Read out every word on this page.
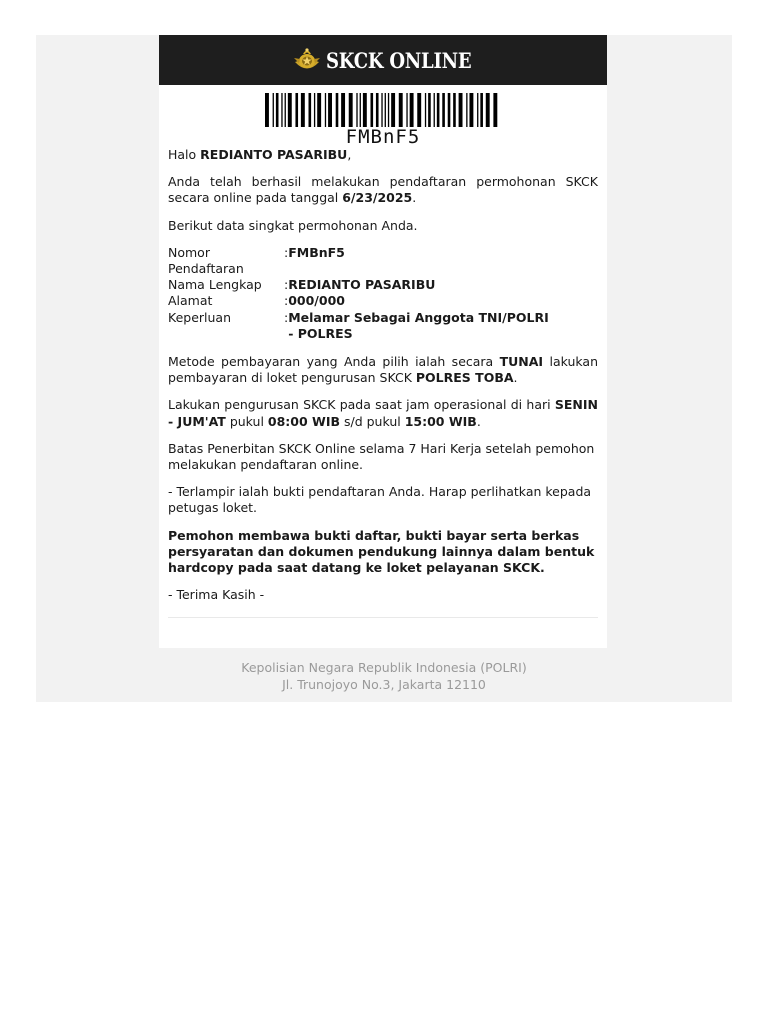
SKCK ONLINE
FMBnF5

Halo REDIANTO PASARIBU,

Anda telah berhasil melakukan pendaftaran permohonan SKCK secara online pada tanggal 6/23/2025.

Berikut data singkat permohonan Anda.

Nomor Pendaftaran	:	FMBnF5
Nama Lengkap	:	REDIANTO PASARIBU
Alamat	:	000/000
Keperluan	:	Melamar Sebagai Anggota TNI/POLRI - POLRES

Metode pembayaran yang Anda pilih ialah secara TUNAI lakukan pembayaran di loket pengurusan SKCK POLRES TOBA.

Lakukan pengurusan SKCK pada saat jam operasional di hari SENIN - JUM'AT pukul 08:00 WIB s/d pukul 15:00 WIB.

Batas Penerbitan SKCK Online selama 7 Hari Kerja setelah pemohon melakukan pendaftaran online.

- Terlampir ialah bukti pendaftaran Anda. Harap perlihatkan kepada petugas loket.

Pemohon membawa bukti daftar, bukti bayar serta berkas persyaratan dan dokumen pendukung lainnya dalam bentuk hardcopy pada saat datang ke loket pelayanan SKCK.

- Terima Kasih -

Kepolisian Negara Republik Indonesia (POLRI)
Jl. Trunojoyo No.3, Jakarta 12110
